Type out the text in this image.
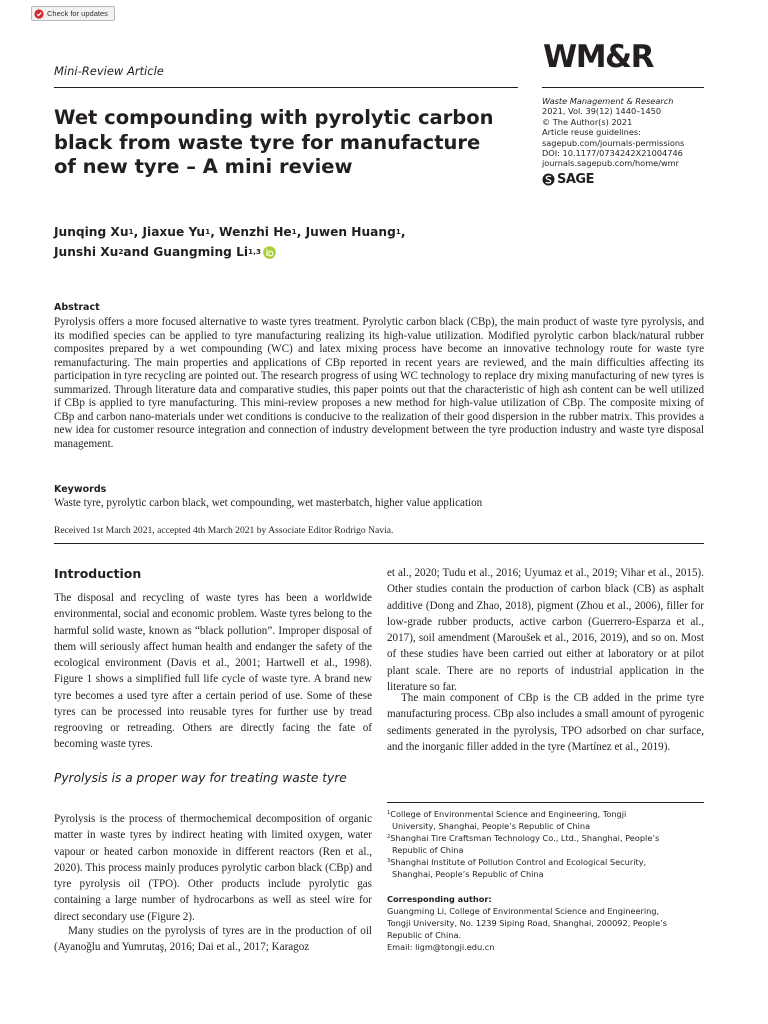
Check for updates
Mini-Review Article	WM&R
Wet compounding with pyrolytic carbon black from waste tyre for manufacture of new tyre – A mini review
Waste Management & Research
2021, Vol. 39(12) 1440–1450
© The Author(s) 2021
Article reuse guidelines:
sagepub.com/journals-permissions
DOI: 10.1177/0734242X21004746
journals.sagepub.com/home/wmr
SAGE
Junqing Xu 1 , Jiaxue Yu 1 , Wenzhi He 1 , Juwen Huang 1 ,
Junshi Xu 2 and Guangming Li 1,3
Abstract

Pyrolysis offers a more focused alternative to waste tyres treatment. Pyrolytic carbon black (CBp), the main product of waste tyre pyrolysis, and its modified species can be applied to tyre manufacturing realizing its high-value utilization. Modified pyrolytic carbon black/natural rubber composites prepared by a wet compounding (WC) and latex mixing process have become an innovative technology route for waste tyre remanufacturing. The main properties and applications of CBp reported in recent years are reviewed, and the main difficulties affecting its participation in tyre recycling are pointed out. The research progress of using WC technology to replace dry mixing manufacturing of new tyres is summarized. Through literature data and comparative studies, this paper points out that the characteristic of high ash content can be well utilized if CBp is applied to tyre manufacturing. This mini-review proposes a new method for high-value utilization of CBp. The composite mixing of CBp and carbon nano-materials under wet conditions is conducive to the realization of their good dispersion in the rubber matrix. This provides a new idea for customer resource integration and connection of industry development between the tyre production industry and waste tyre disposal management.

Keywords
Waste tyre, pyrolytic carbon black, wet compounding, wet masterbatch, higher value application
Received 1st March 2021, accepted 4th March 2021 by Associate Editor Rodrigo Navia.
Introduction

The disposal and recycling of waste tyres has been a worldwide environmental, social and economic problem. Waste tyres belong to the harmful solid waste, known as “black pollution”. Improper disposal of them will seriously affect human health and endanger the safety of the ecological environment (Davis et al., 2001; Hartwell et al., 1998). Figure 1 shows a simplified full life cycle of waste tyre. A brand new tyre becomes a used tyre after a certain period of use. Some of these tyres can be processed into reusable tyres for further use by tread regrooving or retreading. Others are directly facing the fate of becoming waste tyres.

Pyrolysis is a proper way for treating waste tyre

Pyrolysis is the process of thermochemical decomposition of organic matter in waste tyres by indirect heating with limited oxygen, water vapour or heated carbon monoxide in different reactors (Ren et al., 2020). This process mainly produces pyrolytic carbon black (CBp) and tyre pyrolysis oil (TPO). Other products include pyrolytic gas containing a large number of hydrocarbons as well as steel wire for direct secondary use (Figure 2).

Many studies on the pyrolysis of tyres are in the production of oil (Ayanoğlu and Yumrutaş, 2016; Dai et al., 2017; Karagoz

et al., 2020; Tudu et al., 2016; Uyumaz et al., 2019; Vihar et al., 2015). Other studies contain the production of carbon black (CB) as asphalt additive (Dong and Zhao, 2018), pigment (Zhou et al., 2006), filler for low-grade rubber products, active carbon (Guerrero-Esparza et al., 2017), soil amendment (Maroušek et al., 2016, 2019), and so on. Most of these studies have been carried out either at laboratory or at pilot plant scale. There are no reports of industrial application in the literature so far.

The main component of CBp is the CB added in the prime tyre manufacturing process. CBp also includes a small amount of pyrogenic sediments generated in the pyrolysis, TPO adsorbed on char surface, and the inorganic filler added in the tyre (Martínez et al., 2019).

$^1$College of Environmental Science and Engineering, Tongji
University, Shanghai, People’s Republic of China
$^2$Shanghai Tire Craftsman Technology Co., Ltd., Shanghai, People’s
Republic of China
$^3$Shanghai Institute of Pollution Control and Ecological Security,
Shanghai, People’s Republic of China
Corresponding author:
Guangming Li, College of Environmental Science and Engineering,
Tongji University, No. 1239 Siping Road, Shanghai, 200092, People’s
Republic of China.
Email: ligm@tongji.edu.cn
